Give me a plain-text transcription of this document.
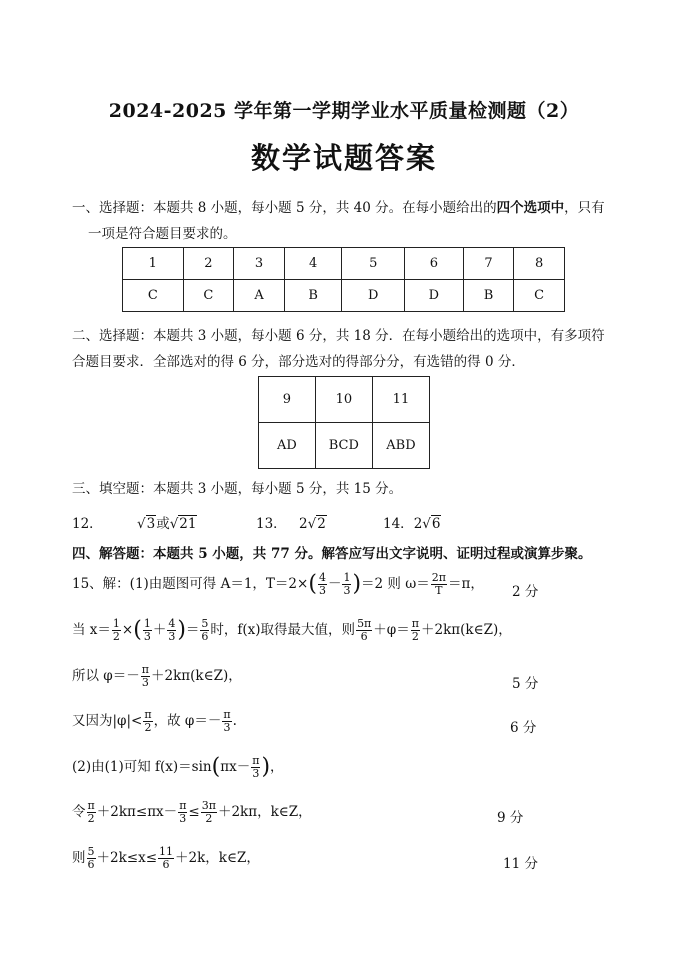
2024-2025 学年第一学期学业水平质量检测题（2）
数学试题答案
一、选择题：本题共 8 小题，每小题 5 分，共 40 分。在每小题给出的四个选项中，只有
一项是符合题目要求的。
1	2	3	4	5	6	7	8
C	C	A	B	D	D	B	C
二、选择题：本题共 3 小题，每小题 6 分，共 18 分．在每小题给出的选项中，有多项符
合题目要求．全部选对的得 6 分，部分选对的得部分分，有选错的得 0 分．
9	10	11
AD	BCD	ABD
三、填空题：本题共 3 小题，每小题 5 分，共 15 分。
12．	√3或√21	13． 2√2	14．2√6
四、解答题：本题共 5 小题，共 77 分。解答应写出文字说明、证明过程或演算步聚。
15、解：(1)由题图可得 A＝1，$T=2\times( \frac{4}{3} - \frac{1}{3} )=2$ 则 $\omega= \frac{2\pi}{T} =\pi$， 2 分
当 $x= \frac{1}{2}$ ×( $\frac{1}{3} + \frac{4}{3}$ )＝ $\frac{5}{6}$ 时，f(x)取得最大值，则 $\frac{5\pi}{6} +\varphi= \frac{\pi}{2}$ ＋2kπ(k∈Z)，
所以 $\varphi=- \frac{\pi}{3}$ ＋2kπ(k∈Z)，	5 分
又因为$|\varphi|< \frac{\pi}{2}$ ，故 $\varphi=- \frac{\pi}{3}$ .	6 分
(2)由(1)可知 $f(x)=\sin(\pi x- \frac{\pi}{3}$ )，
令 $\frac{\pi}{2} +2k\pi\le\pi x- \frac{\pi}{3} \le \frac{3\pi}{2} +2k\pi$，k∈Z，	9 分
则 $\frac{5}{6} +2k\le x\le \frac{11}{6} +2k$，k∈Z，	11 分
